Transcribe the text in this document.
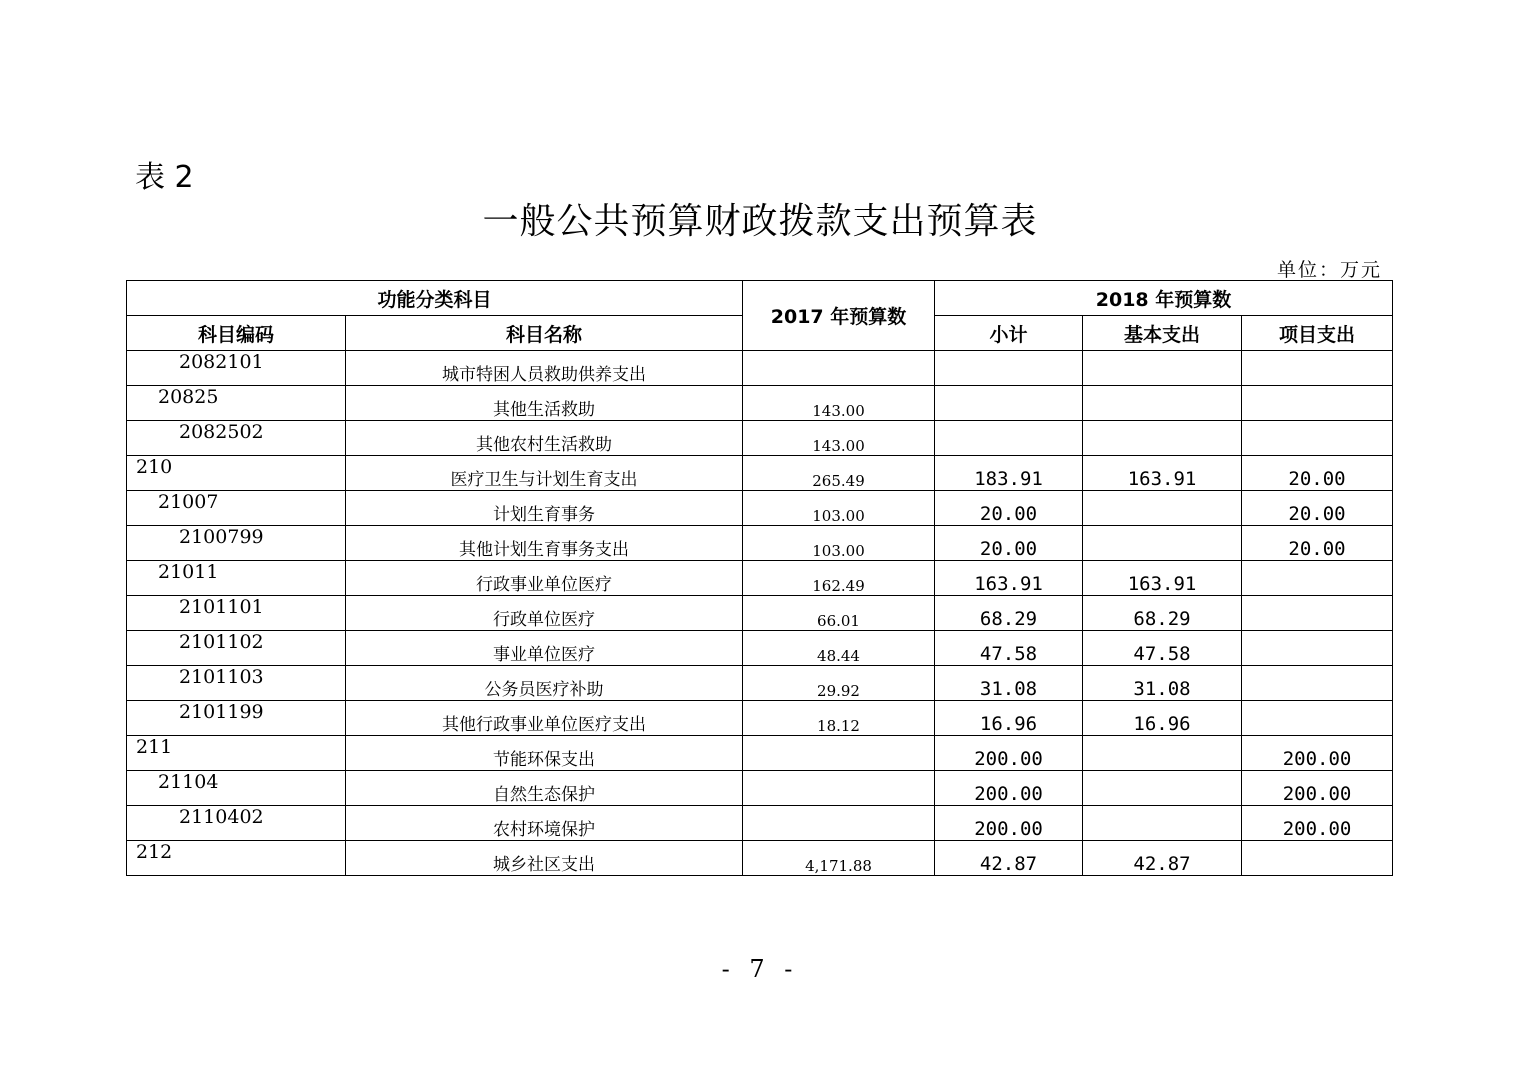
表 2
一般公共预算财政拨款支出预算表
单位：万元
功能分类科目		2017 年预算数	2018 年预算数		
科目编码	科目名称		小计	基本支出	项目支出
2082101	城市特困人员救助供养支出				
20825	其他生活救助	143.00			
2082502	其他农村生活救助	143.00			
210	医疗卫生与计划生育支出	265.49	183.91	163.91	20.00
21007	计划生育事务	103.00	20.00		20.00
2100799	其他计划生育事务支出	103.00	20.00		20.00
21011	行政事业单位医疗	162.49	163.91	163.91	
2101101	行政单位医疗	66.01	68.29	68.29	
2101102	事业单位医疗	48.44	47.58	47.58	
2101103	公务员医疗补助	29.92	31.08	31.08	
2101199	其他行政事业单位医疗支出	18.12	16.96	16.96	
211	节能环保支出		200.00		200.00
21104	自然生态保护		200.00		200.00
2110402	农村环境保护		200.00		200.00
212	城乡社区支出	4,171.88	42.87	42.87	
- 7 -
